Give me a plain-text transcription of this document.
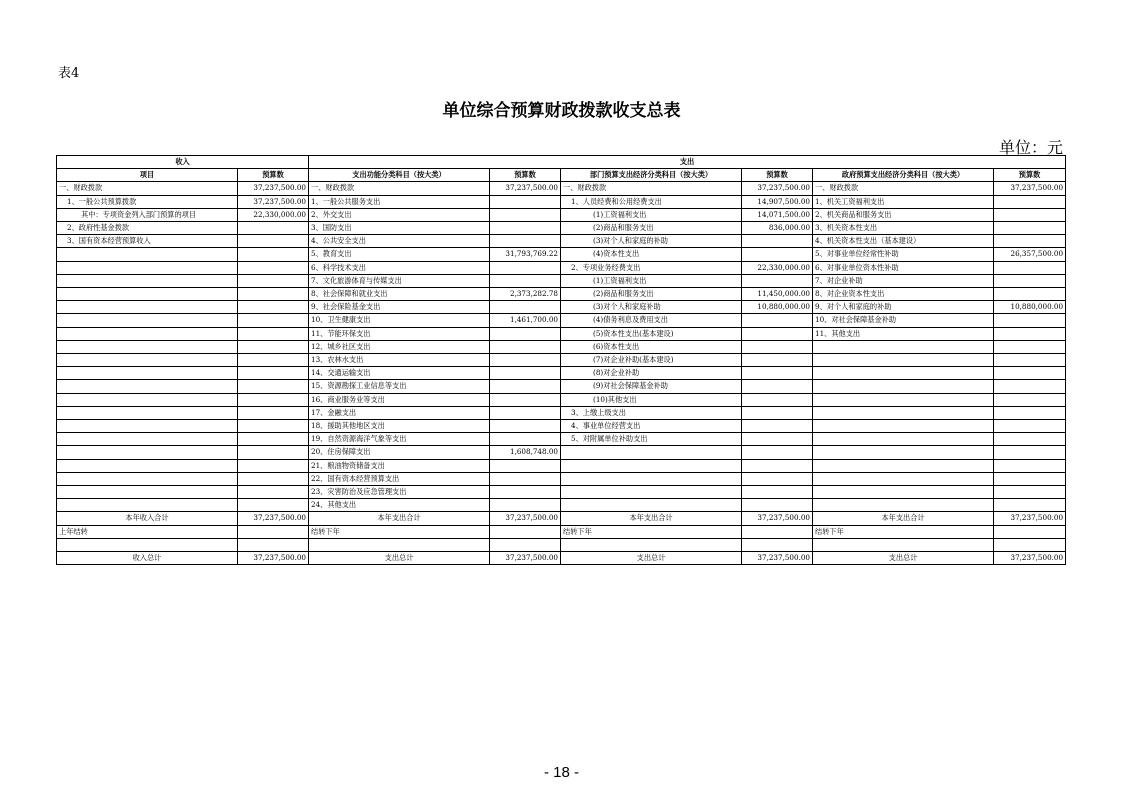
表4
单位综合预算财政拨款收支总表
单位：元
收入		支出					
项目	预算数	支出功能分类科目（按大类）	预算数	部门预算支出经济分类科目（按大类）	预算数	政府预算支出经济分类科目（按大类）	预算数
一、财政拨款	37,237,500.00	一、财政拨款	37,237,500.00	一、财政拨款	37,237,500.00	一、财政拨款	37,237,500.00
1、一般公共预算拨款	37,237,500.00	1、一般公共服务支出		1、人员经费和公用经费支出	14,907,500.00	1、机关工资福利支出	
其中：专项资金列入部门预算的项目	22,330,000.00	2、外交支出		(1)工资福利支出	14,071,500.00	2、机关商品和服务支出	
2、政府性基金拨款		3、国防支出		(2)商品和服务支出	836,000.00	3、机关资本性支出	
3、国有资本经营预算收入		4、公共安全支出		(3)对个人和家庭的补助		4、机关资本性支出（基本建设）	
		5、教育支出	31,793,769.22	(4)资本性支出		5、对事业单位经常性补助	26,357,500.00
		6、科学技术支出		2、专项业务经费支出	22,330,000.00	6、对事业单位资本性补助	
		7、文化旅游体育与传媒支出		(1)工资福利支出		7、对企业补助	
		8、社会保障和就业支出	2,373,282.78	(2)商品和服务支出	11,450,000.00	8、对企业资本性支出	
		9、社会保险基金支出		(3)对个人和家庭补助	10,880,000.00	9、对个人和家庭的补助	10,880,000.00
		10、卫生健康支出	1,461,700.00	(4)债务利息及费用支出		10、对社会保障基金补助	
		11、节能环保支出		(5)资本性支出(基本建设)		11、其他支出	
		12、城乡社区支出		(6)资本性支出			
		13、农林水支出		(7)对企业补助(基本建设)			
		14、交通运输支出		(8)对企业补助			
		15、资源勘探工业信息等支出		(9)对社会保障基金补助			
		16、商业服务业等支出		(10)其他支出			
		17、金融支出		3、上缴上级支出			
		18、援助其他地区支出		4、事业单位经营支出			
		19、自然资源海洋气象等支出		5、对附属单位补助支出			
		20、住房保障支出	1,608,748.00				
		21、粮油物资储备支出					
		22、国有资本经营预算支出					
		23、灾害防治及应急管理支出					
		24、其他支出					
本年收入合计	37,237,500.00	本年支出合计	37,237,500.00	本年支出合计	37,237,500.00	本年支出合计	37,237,500.00
上年结转		结转下年		结转下年		结转下年	

收入总计	37,237,500.00	支出总计	37,237,500.00	支出总计	37,237,500.00	支出总计	37,237,500.00
- 18 -
